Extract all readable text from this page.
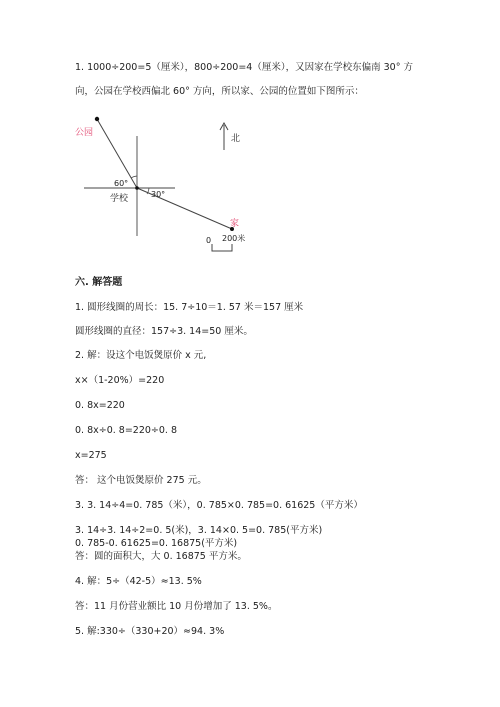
1. 1000÷200=5（厘米），800÷200=4（厘米），又因家在学校东偏南 30° 方
向，公园在学校西偏北 60° 方向，所以家、公园的位置如下图所示：
公园
学校
家
北
60°
30°
0 200米
六. 解答题
1. 圆形线圈的周长：15. 7÷10＝1. 57 米＝157 厘米
圆形线圈的直径：157÷3. 14=50 厘米。
2. 解：设这个电饭煲原价 x 元,
x×（1-20%）=220
0. 8x=220
0. 8x÷0. 8=220÷0. 8
x=275
答： 这个电饭煲原价 275 元。
3. 3. 14÷4=0. 785（米），0. 785×0. 785=0. 61625（平方米）
3. 14÷3. 14÷2=0. 5(米)，3. 14×0. 5=0. 785(平方米)
0. 785-0. 61625=0. 16875(平方米)
答：圆的面积大，大 0. 16875 平方米。
4. 解：5÷（42-5）≈13. 5%
答：11 月份营业额比 10 月份增加了 13. 5%。
5. 解:330÷（330+20）≈94. 3%
